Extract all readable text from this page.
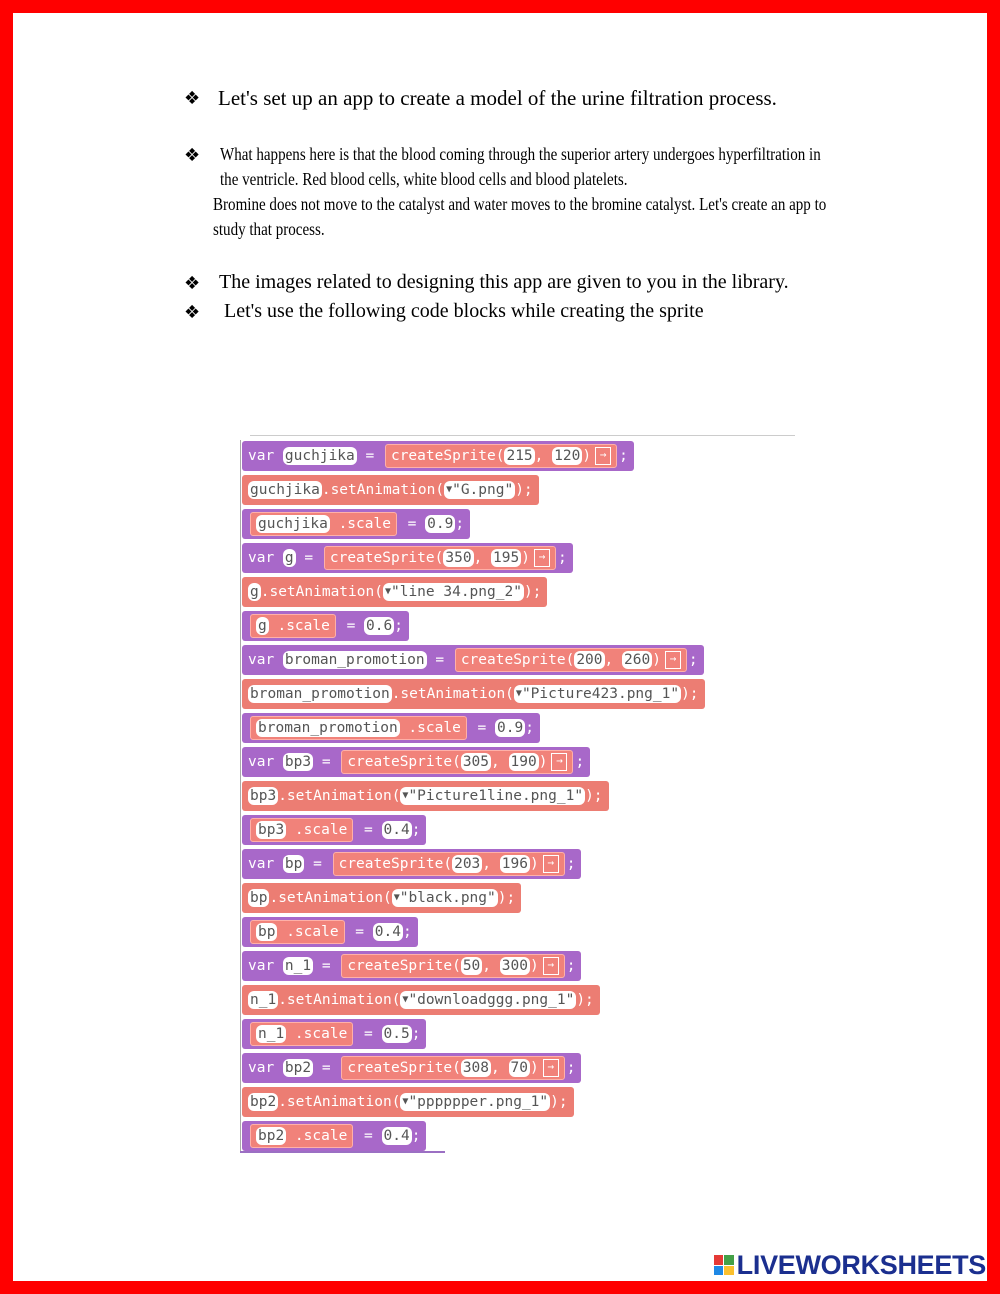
❖ Let's set up an app to create a model of the urine filtration process.
❖ What happens here is that the blood coming through the superior artery undergoes hyperfiltration in
the ventricle. Red blood cells, white blood cells and blood platelets.
Bromine does not move to the catalyst and water moves to the bromine catalyst. Let's create an app to
study that process.
❖ The images related to designing this app are given to you in the library.
❖ Let's use the following code blocks while creating the sprite
var guchjika = createSprite( 215 , 120 ) → ;
guchjika .setAnimation( ▼"G.png" );
guchjika .scale = 0.9 ;
var g = createSprite( 350 , 195 ) → ;
g .setAnimation( ▼"line 34.png_2" );
g .scale = 0.6 ;
var broman_promotion = createSprite( 200 , 260 ) → ;
broman_promotion .setAnimation( ▼"Picture423.png_1" );
broman_promotion .scale = 0.9 ;
var bp3 = createSprite( 305 , 190 ) → ;
bp3 .setAnimation( ▼"Picture1line.png_1" );
bp3 .scale = 0.4 ;
var bp = createSprite( 203 , 196 ) → ;
bp .setAnimation( ▼"black.png" );
bp .scale = 0.4 ;
var n_1 = createSprite( 50 , 300 ) → ;
n_1 .setAnimation( ▼"downloadggg.png_1" );
n_1 .scale = 0.5 ;
var bp2 = createSprite( 308 , 70 ) → ;
bp2 .setAnimation( ▼"pppppper.png_1" );
bp2 .scale = 0.4 ;
LIVEWORKSHEETS
